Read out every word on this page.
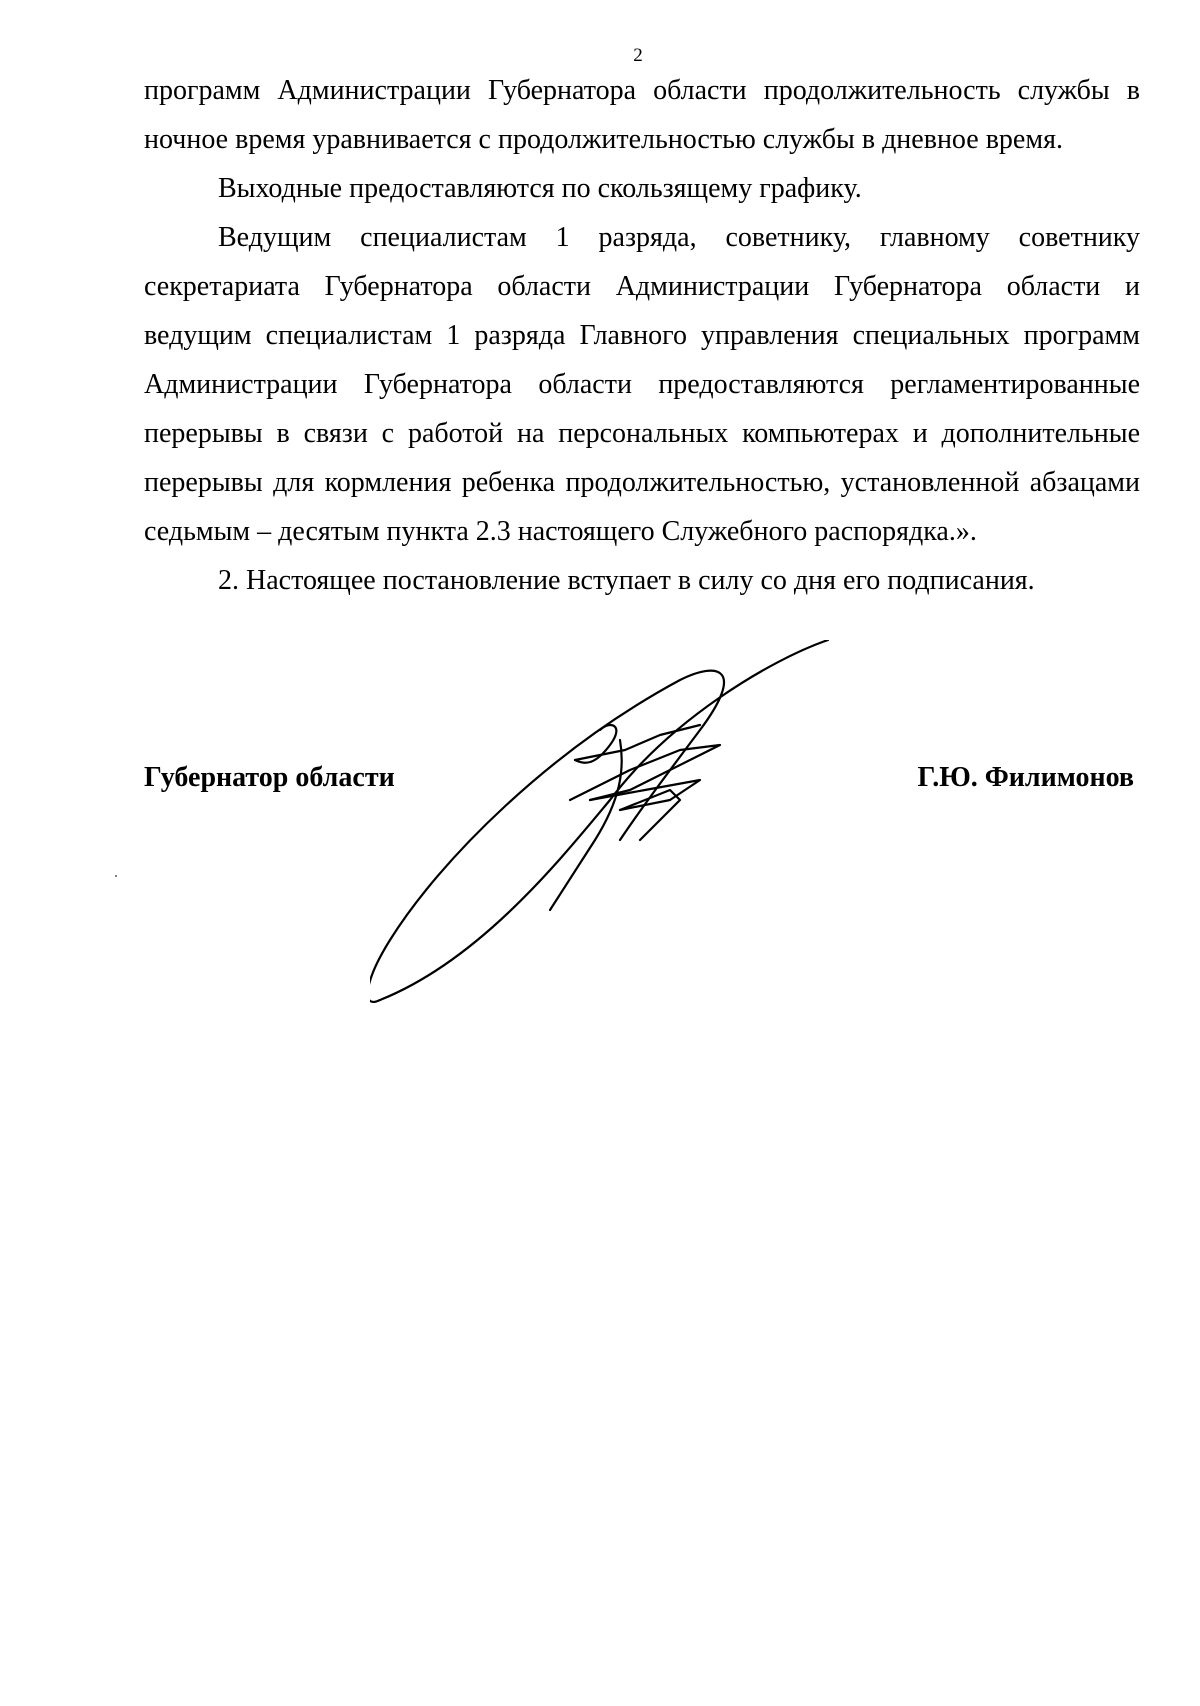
2

программ Администрации Губернатора области продолжительность службы в ночное время уравнивается с продолжительностью службы в дневное время.

Выходные предоставляются по скользящему графику.

Ведущим специалистам 1 разряда, советнику, главному советнику секретариата Губернатора области Администрации Губернатора области и ведущим специалистам 1 разряда Главного управления специальных программ Администрации Губернатора области предоставляются регламентированные перерывы в связи с работой на персональных компьютерах и дополнительные перерывы для кормления ребенка продолжительностью, установленной абзацами седьмым – десятым пункта 2.3 настоящего Служебного распорядка.».

2. Настоящее постановление вступает в силу со дня его подписания.

Губернатор области	Г.Ю. Филимонов
